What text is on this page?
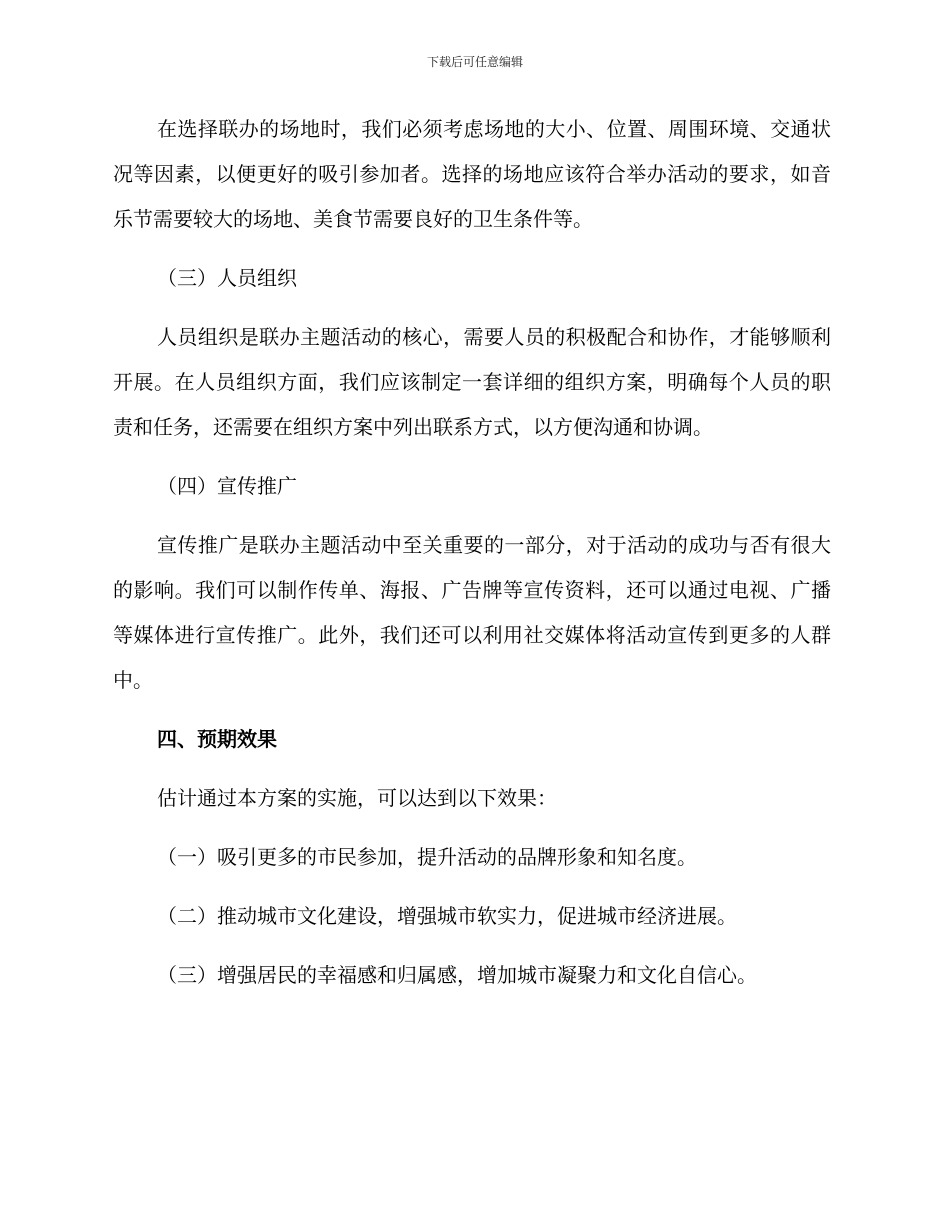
下载后可任意编辑

在选择联办的场地时，我们必须考虑场地的大小、位置、周围环境、交通状况等因素，以便更好的吸引参加者。选择的场地应该符合举办活动的要求，如音乐节需要较大的场地、美食节需要良好的卫生条件等。

（三）人员组织

人员组织是联办主题活动的核心，需要人员的积极配合和协作，才能够顺利开展。在人员组织方面，我们应该制定一套详细的组织方案，明确每个人员的职责和任务，还需要在组织方案中列出联系方式，以方便沟通和协调。

（四）宣传推广

宣传推广是联办主题活动中至关重要的一部分，对于活动的成功与否有很大的影响。我们可以制作传单、海报、广告牌等宣传资料，还可以通过电视、广播等媒体进行宣传推广。此外，我们还可以利用社交媒体将活动宣传到更多的人群中。

四、预期效果

估计通过本方案的实施，可以达到以下效果：

（一）吸引更多的市民参加，提升活动的品牌形象和知名度。

（二）推动城市文化建设，增强城市软实力，促进城市经济进展。

（三）增强居民的幸福感和归属感，增加城市凝聚力和文化自信心。
